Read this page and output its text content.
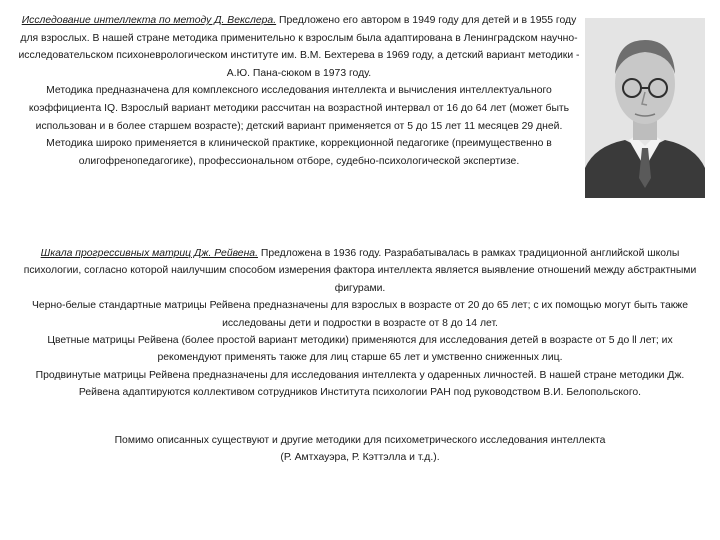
Исследование интеллекта по методу Д. Векслера. Предложено его автором в 1949 году для детей и в 1955 году для взрослых. В нашей стране методика применительно к взрослым была адаптирована в Ленинградском научно-исследовательском психоневрологическом институте им. В.М. Бехтерева в 1969 году, а детский вариант методики - А.Ю. Пана-сюком в 1973 году.

Методика предназначена для комплексного исследования интеллекта и вычисления интеллектуального коэффициента IQ. Взрослый вариант методики рассчитан на возрастной интервал от 16 до 64 лет (может быть использован и в более старшем возрасте); детский вариант применяется от 5 до 15 лет 11 месяцев 29 дней. Методика широко применяется в клинической практике, коррекционной педагогике (преимущественно в олигофренопедагогике), профессиональном отборе, судебно-психологической экспертизе.

Шкала прогрессивных матриц Дж. Рейвена. Предложена в 1936 году. Разрабатывалась в рамках традиционной английской школы психологии, согласно которой наилучшим способом измерения фактора интеллекта является выявление отношений между абстрактными фигурами.

Черно-белые стандартные матрицы Рейвена предназначены для взрослых в возрасте от 20 до 65 лет; с их помощью могут быть также исследованы дети и подростки в возрасте от 8 до 14 лет.

Цветные матрицы Рейвена (более простой вариант методики) применяются для исследования детей в возрасте от 5 до ll лет; их рекомендуют применять также для лиц старше 65 лет и умственно сниженных лиц.

Продвинутые матрицы Рейвена предназначены для исследования интеллекта у одаренных личностей. В нашей стране методики Дж. Рейвена адаптируются коллективом сотрудников Института психологии РАН под руководством В.И. Белопольского.

Помимо описанных существуют и другие методики для психометрического исследования интеллекта

(Р. Амтхауэра, Р. Кэттэлла и т.д.).
